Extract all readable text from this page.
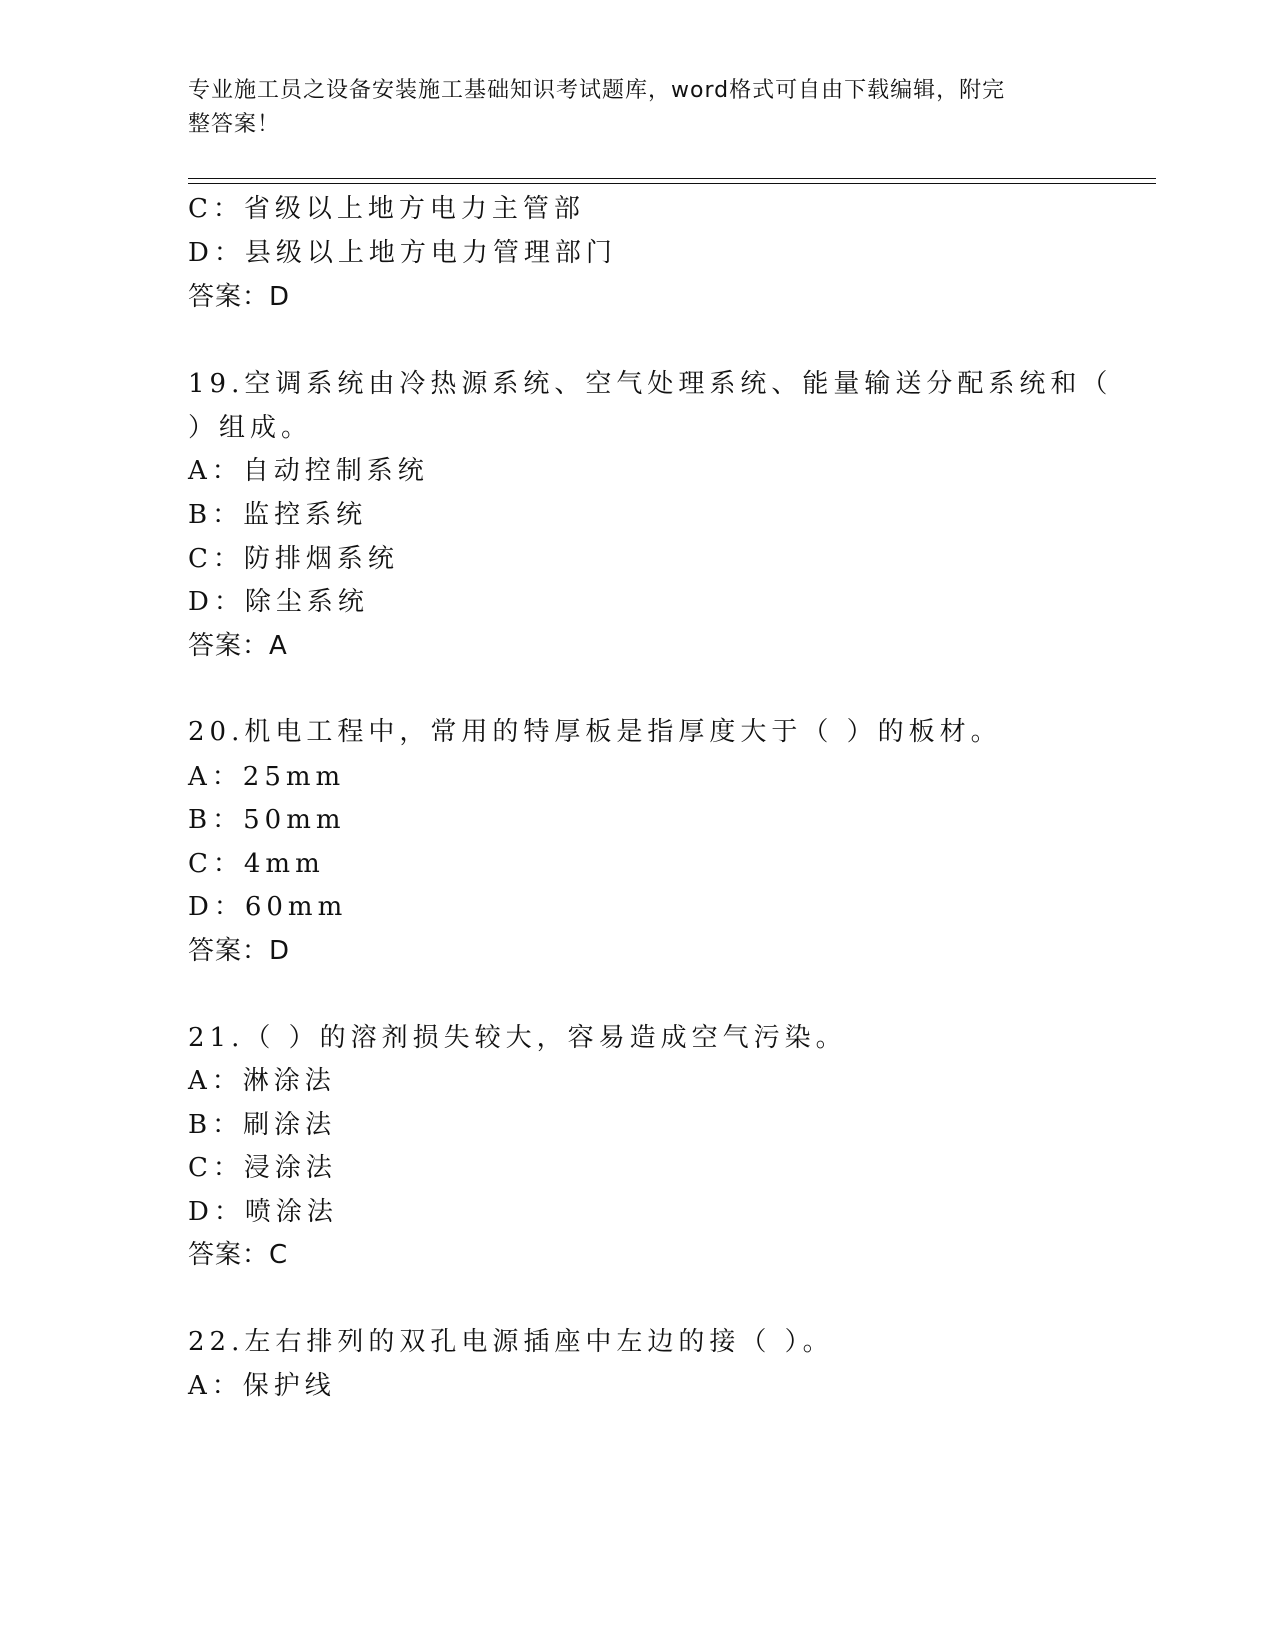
专业施工员之设备安装施工基础知识考试题库，word格式可自由下载编辑，附完
整答案！
C：省级以上地方电力主管部
D：县级以上地方电力管理部门
答案：D
19.空调系统由冷热源系统、空气处理系统、能量输送分配系统和（
）组成。
A：自动控制系统
B：监控系统
C：防排烟系统
D：除尘系统
答案：A
20.机电工程中，常用的特厚板是指厚度大于（ ）的板材。
A：25mm
B：50mm
C：4mm
D：60mm
答案：D
21.（ ）的溶剂损失较大，容易造成空气污染。
A：淋涂法
B：刷涂法
C：浸涂法
D：喷涂法
答案：C
22.左右排列的双孔电源插座中左边的接（ ）。
A：保护线
